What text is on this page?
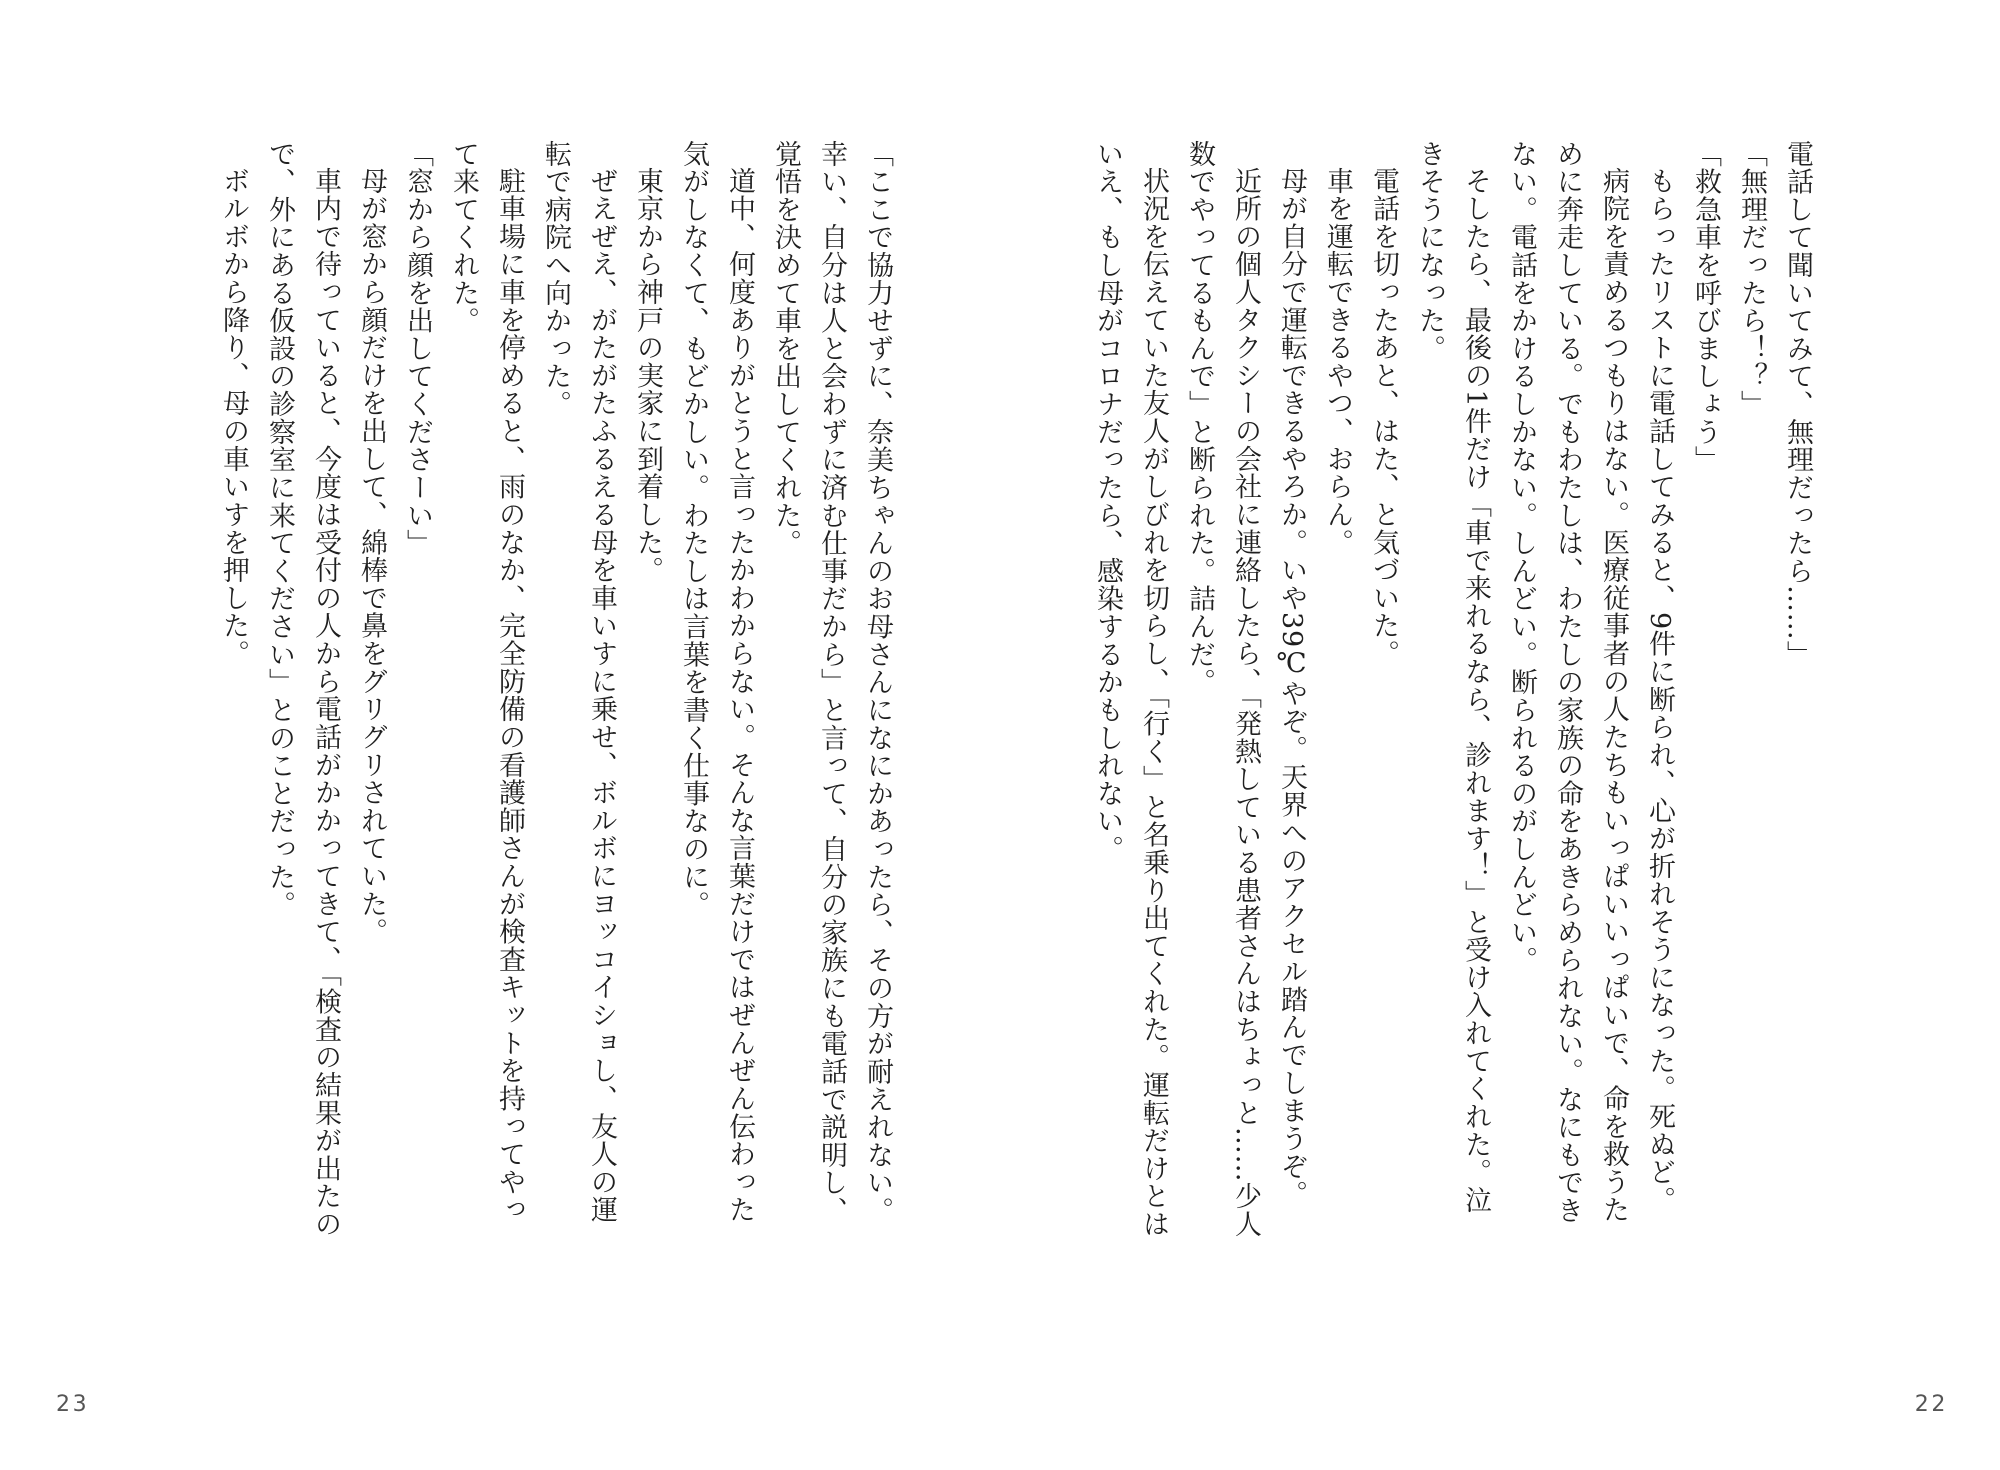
「ここで協力せずに、奈美ちゃんのお母さんになにかあったら、その方が耐えれない。幸い、自分は人と会わずに済む仕事だから」と言って、自分の家族にも電話で説明し、覚悟を決めて車を出してくれた。

道中、何度ありがとうと言ったかわからない。そんな言葉だけではぜんぜん伝わった気がしなくて、もどかしい。わたしは言葉を書く仕事なのに。

東京から神戸の実家に到着した。

ぜえぜえ、がたがたふるえる母を車いすに乗せ、ボルボにヨッコイショし、友人の運転で病院へ向かった。

駐車場に車を停めると、雨のなか、完全防備の看護師さんが検査キットを持ってやって来てくれた。

「窓から顔を出してくださーい」

母が窓から顔だけを出して、綿棒で鼻をグリグリされていた。

車内で待っていると、今度は受付の人から電話がかかってきて、「検査の結果が出たので、外にある仮設の診察室に来てください」とのことだった。

ボルボから降り、母の車いすを押した。

23

電話して聞いてみて、無理だったら……」

「無理だったら！？」

「救急車を呼びましょう」

もらったリストに電話してみると、9件に断られ、心が折れそうになった。死ぬど。

病院を責めるつもりはない。医療従事者の人たちもいっぱいいっぱいで、命を救うために奔走している。でもわたしは、わたしの家族の命をあきらめられない。なにもできない。電話をかけるしかない。しんどい。断られるのがしんどい。

そしたら、最後の1件だけ「車で来れるなら、診れます！」と受け入れてくれた。泣きそうになった。

電話を切ったあと、はた、と気づいた。

車を運転できるやつ、おらん。

母が自分で運転できるやろか。いや39℃やぞ。天界へのアクセル踏んでしまうぞ。

近所の個人タクシーの会社に連絡したら、「発熱している患者さんはちょっと……少人数でやってるもんで」と断られた。詰んだ。

状況を伝えていた友人がしびれを切らし、「行く」と名乗り出てくれた。運転だけとはいえ、もし母がコロナだったら、感染するかもしれない。

22
